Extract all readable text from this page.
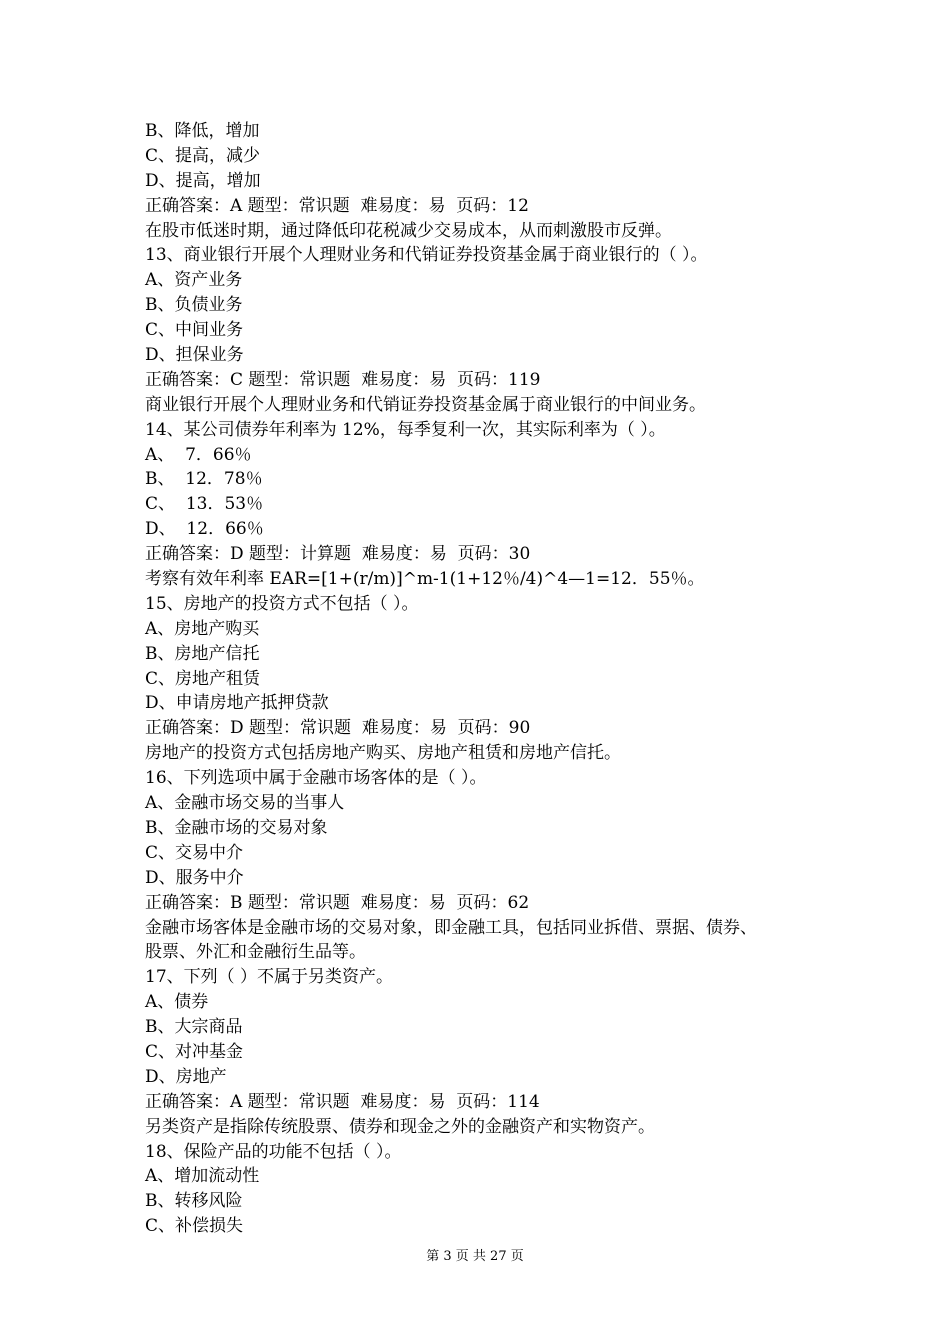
B、降低，增加
C、提高，减少
D、提高，增加
正确答案：A 题型：常识题  难易度：易  页码：12
在股市低迷时期，通过降低印花税减少交易成本，从而刺激股市反弹。
13、商业银行开展个人理财业务和代销证券投资基金属于商业银行的（ ）。
A、资产业务
B、负债业务
C、中间业务
D、担保业务
正确答案：C 题型：常识题  难易度：易  页码：119
商业银行开展个人理财业务和代销证券投资基金属于商业银行的中间业务。
14、某公司债券年利率为 12%，每季复利一次，其实际利率为（ ）。
A、  7．66％
B、  12．78％
C、  13．53％
D、  12．66％
正确答案：D 题型：计算题  难易度：易  页码：30
考察有效年利率 EAR=[1+(r/m)]^m-1(1+12％/4)^4—1=12．55％。
15、房地产的投资方式不包括（ ）。
A、房地产购买
B、房地产信托
C、房地产租赁
D、申请房地产抵押贷款
正确答案：D 题型：常识题  难易度：易  页码：90
房地产的投资方式包括房地产购买、房地产租赁和房地产信托。
16、下列选项中属于金融市场客体的是（ ）。
A、金融市场交易的当事人
B、金融市场的交易对象
C、交易中介
D、服务中介
正确答案：B 题型：常识题  难易度：易  页码：62
金融市场客体是金融市场的交易对象，即金融工具，包括同业拆借、票据、债券、
股票、外汇和金融衍生品等。
17、下列（ ）不属于另类资产。
A、债券
B、大宗商品
C、对冲基金
D、房地产
正确答案：A 题型：常识题  难易度：易  页码：114
另类资产是指除传统股票、债券和现金之外的金融资产和实物资产。
18、保险产品的功能不包括（ ）。
A、增加流动性
B、转移风险
C、补偿损失
第 3 页 共 27 页
